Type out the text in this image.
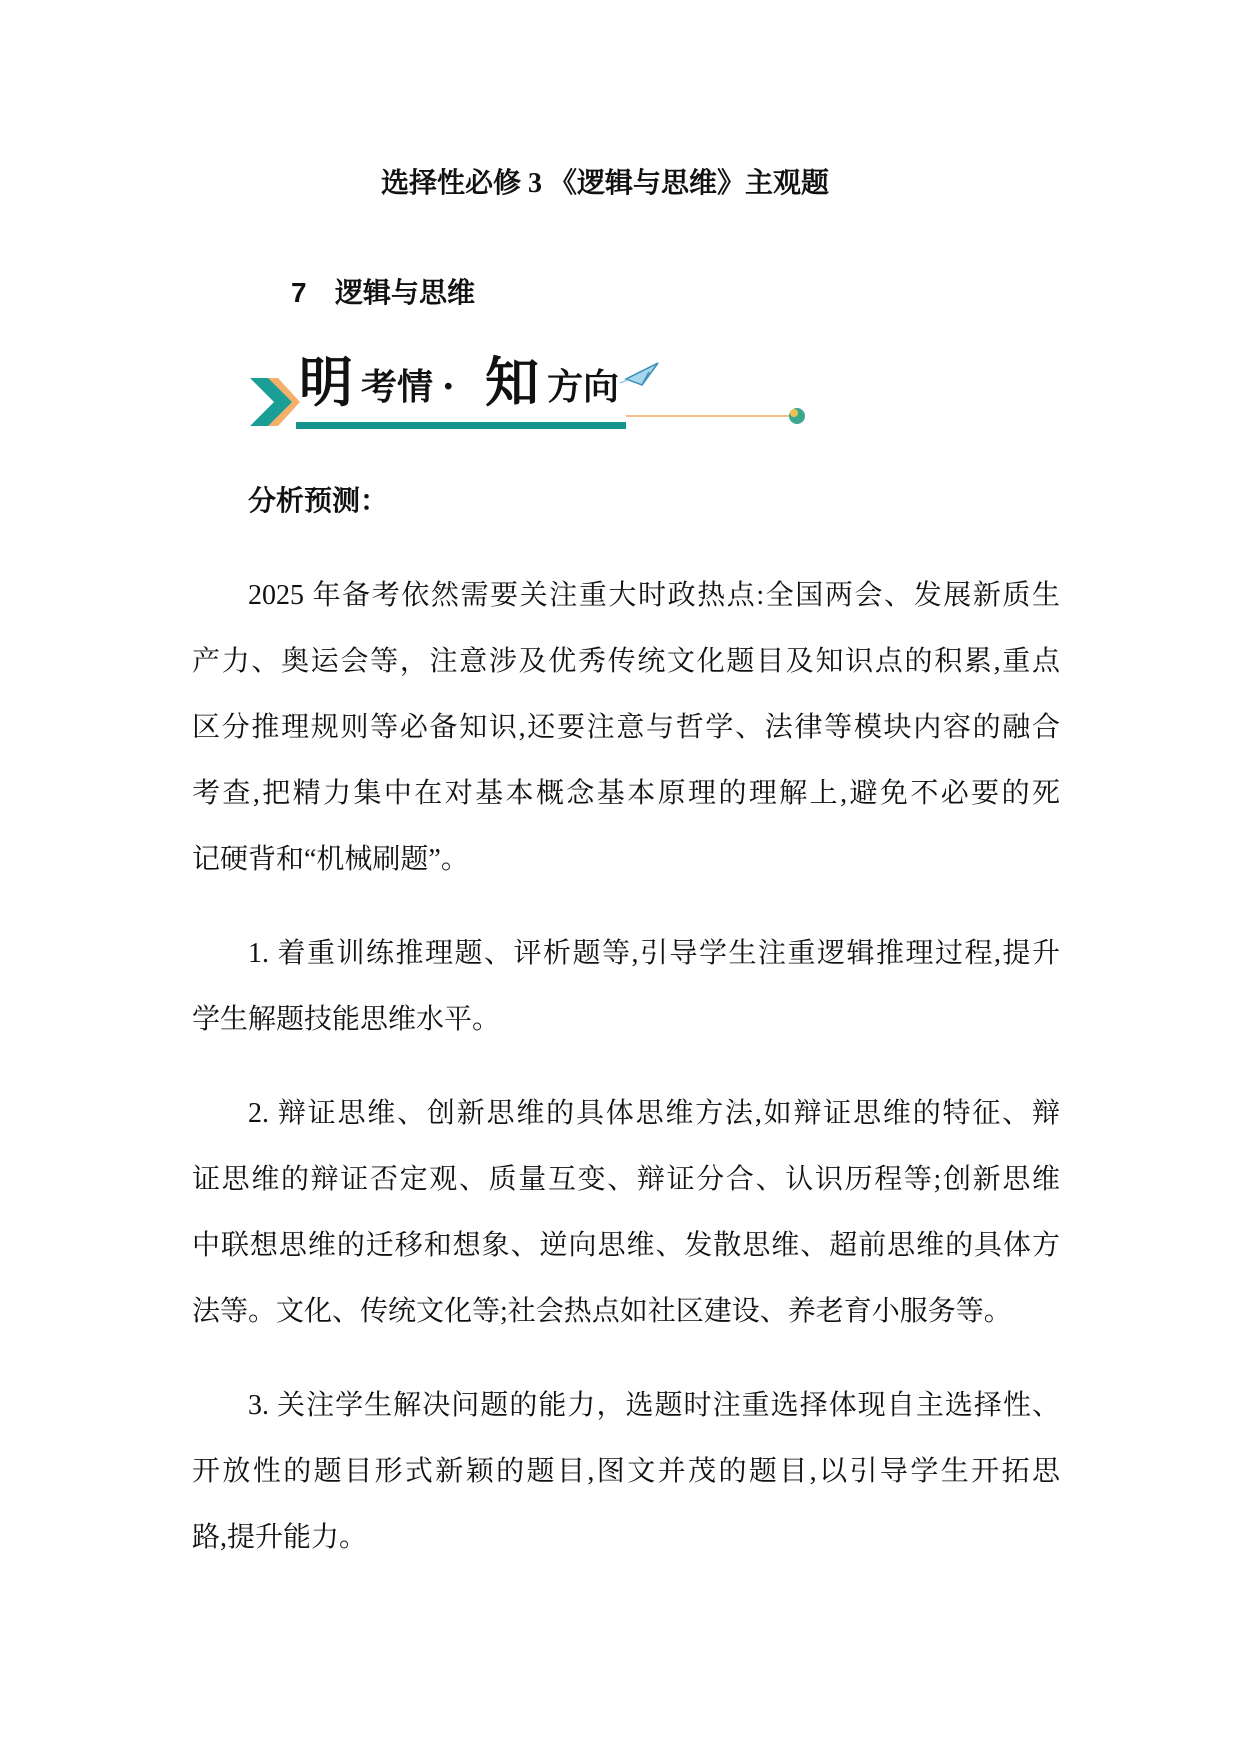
选择性必修 3 《逻辑与思维》主观题
7 逻辑与思维
明 考情 · 知 方向
分析预测：
2025 年备考依然需要关注重大时政热点:全国两会、发展新质生
产力、奥运会等，注意涉及优秀传统文化题目及知识点的积累,重点
区分推理规则等必备知识,还要注意与哲学、法律等模块内容的融合
考查,把精力集中在对基本概念基本原理的理解上,避免不必要的死
记硬背和“机械刷题”。
1. 着重训练推理题、评析题等,引导学生注重逻辑推理过程,提升
学生解题技能思维水平。
2. 辩证思维、创新思维的具体思维方法,如辩证思维的特征、辩
证思维的辩证否定观、质量互变、辩证分合、认识历程等;创新思维
中联想思维的迁移和想象、逆向思维、发散思维、超前思维的具体方
法等。文化、传统文化等;社会热点如社区建设、养老育小服务等。
3. 关注学生解决问题的能力，选题时注重选择体现自主选择性、
开放性的题目形式新颖的题目,图文并茂的题目,以引导学生开拓思
路,提升能力。
